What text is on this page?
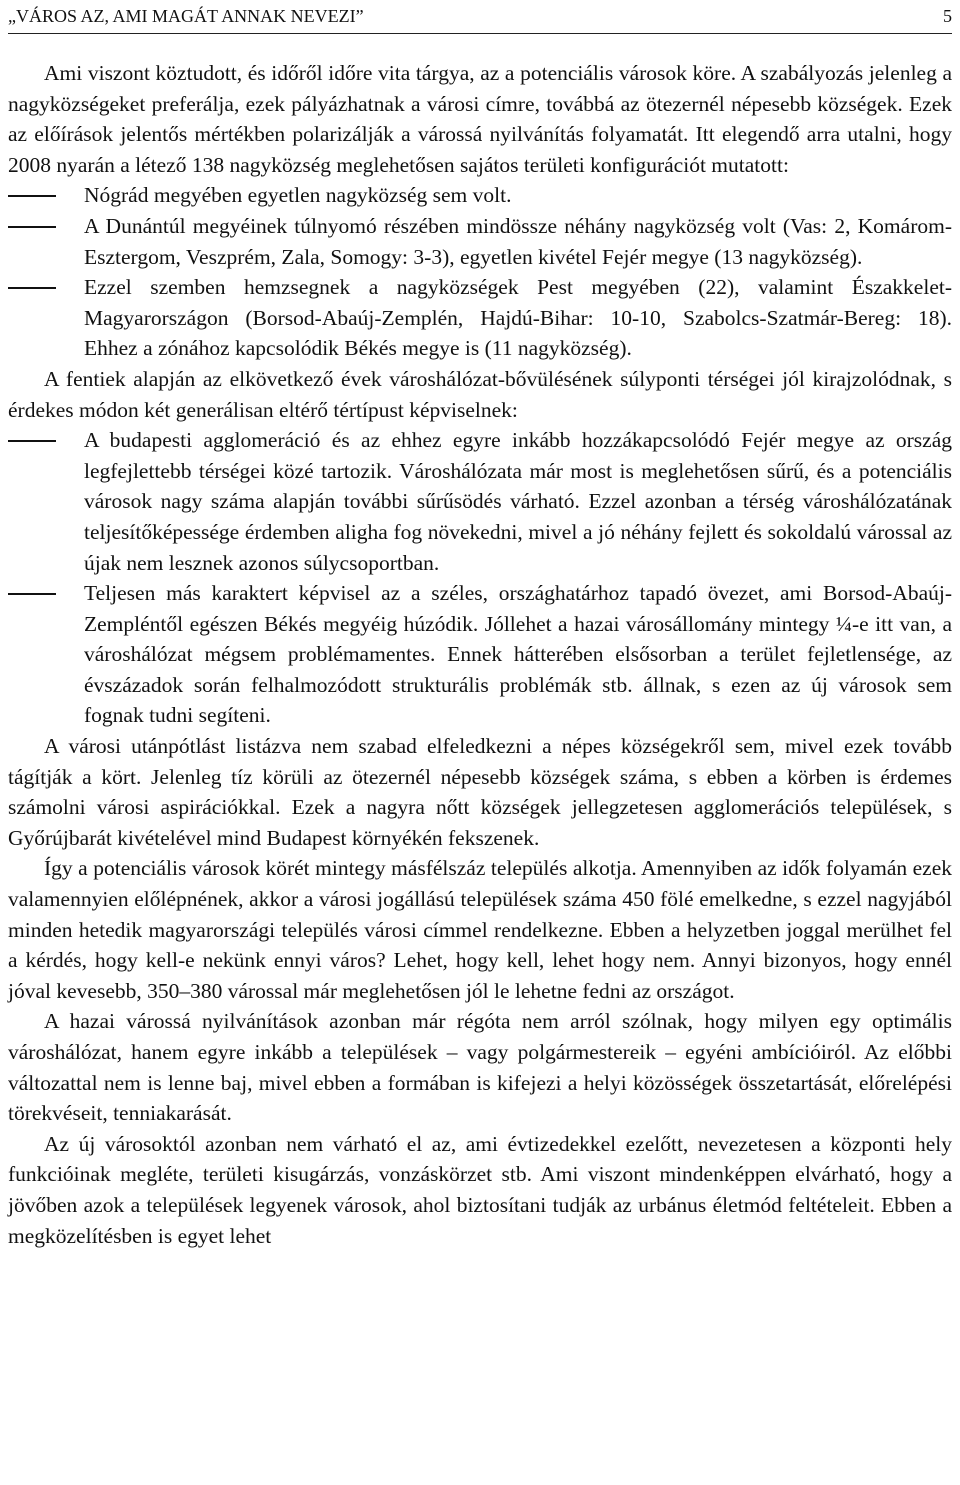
„VÁROS AZ, AMI MAGÁT ANNAK NEVEZI”	5

Ami viszont köztudott, és időről időre vita tárgya, az a potenciális városok köre. A szabályozás jelenleg a nagyközségeket preferálja, ezek pályázhatnak a városi címre, továbbá az ötezernél népesebb községek. Ezek az előírások jelentős mértékben polarizálják a várossá nyilvánítás folyamatát. Itt elegendő arra utalni, hogy 2008 nyarán a létező 138 nagyközség meglehetősen sajátos területi konfigurációt mutatott:

Nógrád megyében egyetlen nagyközség sem volt.
A Dunántúl megyéinek túlnyomó részében mindössze néhány nagyközség volt (Vas: 2, Komárom-Esztergom, Veszprém, Zala, Somogy: 3-3), egyetlen kivétel Fejér megye (13 nagyközség).
Ezzel szemben hemzsegnek a nagyközségek Pest megyében (22), valamint Északkelet-Magyarországon (Borsod-Abaúj-Zemplén, Hajdú-Bihar: 10-10, Szabolcs-Szatmár-Bereg: 18). Ehhez a zónához kapcsolódik Békés megye is (11 nagyközség).

A fentiek alapján az elkövetkező évek városhálózat-bővülésének súlyponti térségei jól kirajzolódnak, s érdekes módon két generálisan eltérő tértípust képviselnek:

A budapesti agglomeráció és az ehhez egyre inkább hozzákapcsolódó Fejér megye az ország legfejlettebb térségei közé tartozik. Városhálózata már most is meglehetősen sűrű, és a potenciális városok nagy száma alapján további sűrűsödés várható. Ezzel azonban a térség városhálózatának teljesítőképessége érdemben aligha fog növekedni, mivel a jó néhány fejlett és sokoldalú várossal az újak nem lesznek azonos súlycsoportban.
Teljesen más karaktert képvisel az a széles, országhatárhoz tapadó övezet, ami Borsod-Abaúj-Zempléntől egészen Békés megyéig húzódik. Jóllehet a hazai városállomány mintegy ¼-e itt van, a városhálózat mégsem problémamentes. Ennek hátterében elsősorban a terület fejletlensége, az évszázadok során felhalmozódott strukturális problémák stb. állnak, s ezen az új városok sem fognak tudni segíteni.

A városi utánpótlást listázva nem szabad elfeledkezni a népes községekről sem, mivel ezek tovább tágítják a kört. Jelenleg tíz körüli az ötezernél népesebb községek száma, s ebben a körben is érdemes számolni városi aspirációkkal. Ezek a nagyra nőtt községek jellegzetesen agglomerációs települések, s Győrújbarát kivételével mind Budapest környékén fekszenek.

Így a potenciális városok körét mintegy másfélszáz település alkotja. Amennyiben az idők folyamán ezek valamennyien előlépnének, akkor a városi jogállású települések száma 450 fölé emelkedne, s ezzel nagyjából minden hetedik magyarországi település városi címmel rendelkezne. Ebben a helyzetben joggal merülhet fel a kérdés, hogy kell-e nekünk ennyi város? Lehet, hogy kell, lehet hogy nem. Annyi bizonyos, hogy ennél jóval kevesebb, 350–380 várossal már meglehetősen jól le lehetne fedni az országot.

A hazai várossá nyilvánítások azonban már régóta nem arról szólnak, hogy milyen egy optimális városhálózat, hanem egyre inkább a települések – vagy polgármestereik – egyéni ambícióiról. Az előbbi változattal nem is lenne baj, mivel ebben a formában is kifejezi a helyi közösségek összetartását, előrelépési törekvéseit, tenniakarását.

Az új városoktól azonban nem várható el az, ami évtizedekkel ezelőtt, nevezetesen a központi hely funkcióinak megléte, területi kisugárzás, vonzáskörzet stb. Ami viszont mindenképpen elvárható, hogy a jövőben azok a települések legyenek városok, ahol biztosítani tudják az urbánus életmód feltételeit. Ebben a megközelítésben is egyet lehet
